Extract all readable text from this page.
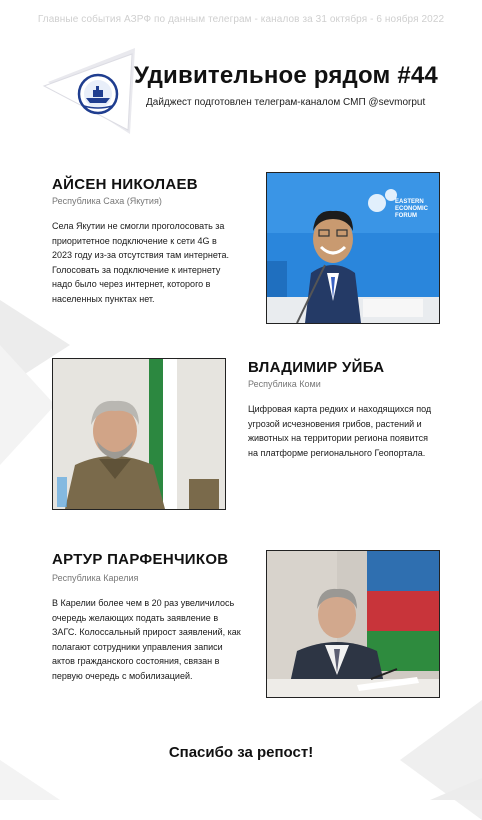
Главные события АЗРФ по данным телеграм - каналов за 31 октября - 6 ноября 2022
Удивительное рядом #44
Дайджест подготовлен телеграм-каналом СМП @sevmorput
АЙСЕН НИКОЛАЕВ
Республика Саха (Якутия)
Села Якутии не смогли проголосовать за
приоритетное подключение к сети 4G в
2023 году из-за отсутствия там интернета.
Голосовать за подключение к интернету
надо было через интернет, которого в
населенных пунктах нет.
EASTERN
ECONOMIC
FORUM
ВЛАДИМИР УЙБА
Республика Коми
Цифровая карта редких и находящихся под
угрозой исчезновения грибов, растений и
животных на территории региона появится
на платформе регионального Геопортала.
АРТУР ПАРФЕНЧИКОВ
Республика Карелия
В Карелии более чем в 20 раз увеличилось
очередь желающих подать заявление в
ЗАГС. Колоссальный прирост заявлений, как
полагают сотрудники управления записи
актов гражданского состояния, связан в
первую очередь с мобилизацией.
Спасибо за репост!
